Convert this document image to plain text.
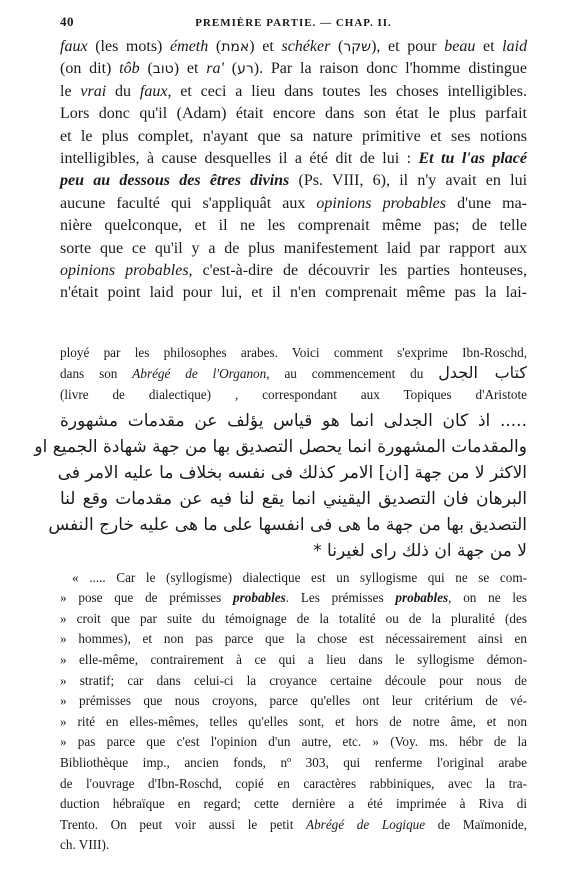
40	PREMIÈRE PARTIE. — CHAP. II.

faux (les mots) émeth (אמת) et schéker (שקר), et pour beau et laid
(on dit) tôb (טוב) et ra' (רע). Par la raison donc l'homme distingue
le vrai du faux, et ceci a lieu dans toutes les choses intelligibles.
Lors donc qu'il (Adam) était encore dans son état le plus parfait
et le plus complet, n'ayant que sa nature primitive et ses notions
intelligibles, à cause desquelles il a été dit de lui : Et tu l'as placé
peu au dessous des êtres divins (Ps. VIII, 6), il n'y avait en lui
aucune faculté qui s'appliquât aux opinions probables d'une ma-
nière quelconque, et il ne les comprenait même pas; de telle
sorte que ce qu'il y a de plus manifestement laid par rapport aux
opinions probables, c'est-à-dire de découvrir les parties honteuses,
n'était point laid pour lui, et il n'en comprenait même pas la lai-

ployé par les philosophes arabes. Voici comment s'exprime Ibn-Roschd,
dans son Abrégé de l'Organon, au commencement du كتاب الجدل
(livre de dialectique) , correspondant aux Topiques d'Aristote
..... اذ كان الجدلى انما هو قياس يؤلف عن مقدمات مشهورة
والمقدمات المشهورة انما يحصل التصديق بها من جهة شهادة الجميع او
الاكثر لا من جهة [ان] الامر كذلك فى نفسه بخلاف ما عليه الامر فى
البرهان فان التصديق اليقيني انما يقع لنا فيه عن مقدمات وقع لنا
التصديق بها من جهة ما هى فى انفسها على ما هى عليه خارج النفس
لا من جهة ان ذلك راى لغيرنا *
« ..... Car le (syllogisme) dialectique est un syllogisme qui ne se com-
» pose que de prémisses probables. Les prémisses probables, on ne les
» croit que par suite du témoignage de la totalité ou de la pluralité (des
» hommes), et non pas parce que la chose est nécessairement ainsi en
» elle-même, contrairement à ce qui a lieu dans le syllogisme démon-
» stratif; car dans celui-ci la croyance certaine découle pour nous de
» prémisses que nous croyons, parce qu'elles ont leur critérium de vé-
» rité en elles-mêmes, telles qu'elles sont, et hors de notre âme, et non
» pas parce que c'est l'opinion d'un autre, etc. » (Voy. ms. hébr de la
Bibliothèque imp., ancien fonds, nº 303, qui renferme l'original arabe
de l'ouvrage d'Ibn-Roschd, copié en caractères rabbiniques, avec la tra-
duction hébraïque en regard; cette dernière a été imprimée à Riva di
Trento. On peut voir aussi le petit Abrégé de Logique de Maïmonide,
ch. VIII).
